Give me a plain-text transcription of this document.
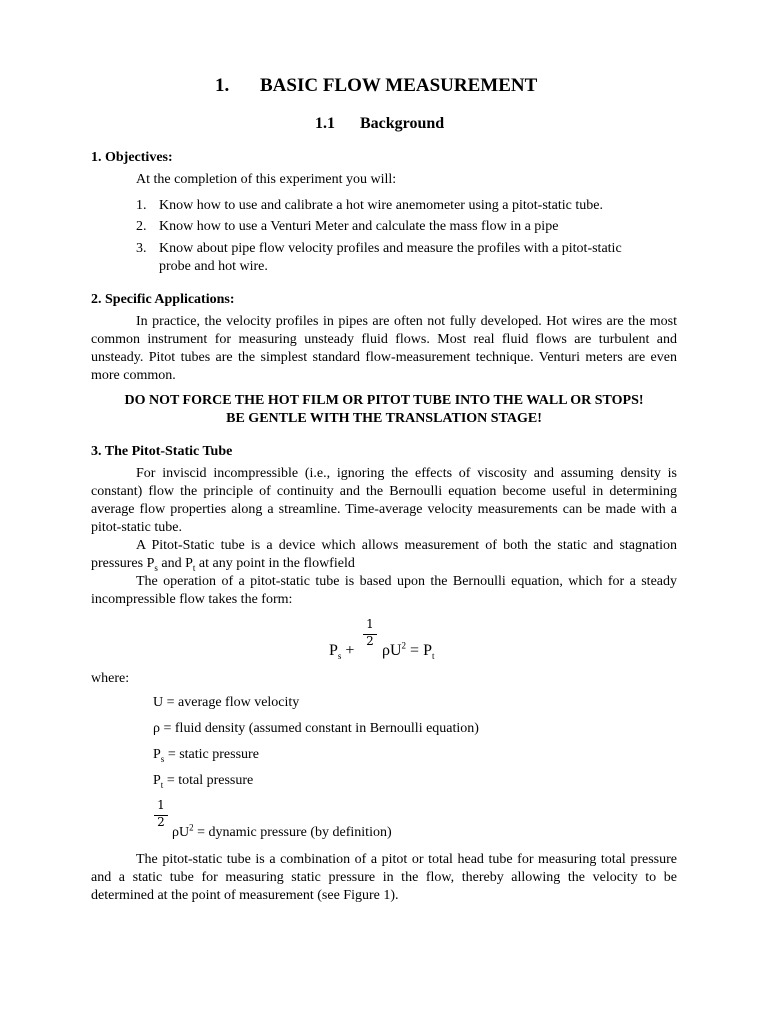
1. BASIC FLOW MEASUREMENT
1.1 Background
1. Objectives:
At the completion of this experiment you will:
1. Know how to use and calibrate a hot wire anemometer using a pitot-static tube.
2. Know how to use a Venturi Meter and calculate the mass flow in a pipe
3. Know about pipe flow velocity profiles and measure the profiles with a pitot-static
probe and hot wire.
2. Specific Applications:
In practice, the velocity profiles in pipes are often not fully developed. Hot wires are the most common instrument for measuring unsteady fluid flows. Most real fluid flows are turbulent and unsteady. Pitot tubes are the simplest standard flow-measurement technique. Venturi meters are even more common.
DO NOT FORCE THE HOT FILM OR PITOT TUBE INTO THE WALL OR STOPS!
BE GENTLE WITH THE TRANSLATION STAGE!
3. The Pitot-Static Tube
For inviscid incompressible (i.e., ignoring the effects of viscosity and assuming density is constant) flow the principle of continuity and the Bernoulli equation become useful in determining average flow properties along a streamline. Time-average velocity measurements can be made with a pitot-static tube.
A Pitot-Static tube is a device which allows measurement of both the static and stagnation pressures $P_s$ and $P_t$ at any point in the flowfield
The operation of a pitot-static tube is based upon the Bernoulli equation, which for a steady incompressible flow takes the form:
$P_s$ +
1
2
$\rho U^2 = P_t$
where:
U = average flow velocity
ρ = fluid density (assumed constant in Bernoulli equation)
$P_s$ = static pressure
$P_t$ = total pressure
1
2
$\rho U^2$ = dynamic pressure (by definition)
The pitot-static tube is a combination of a pitot or total head tube for measuring total pressure and a static tube for measuring static pressure in the flow, thereby allowing the velocity to be determined at the point of measurement (see Figure 1).
